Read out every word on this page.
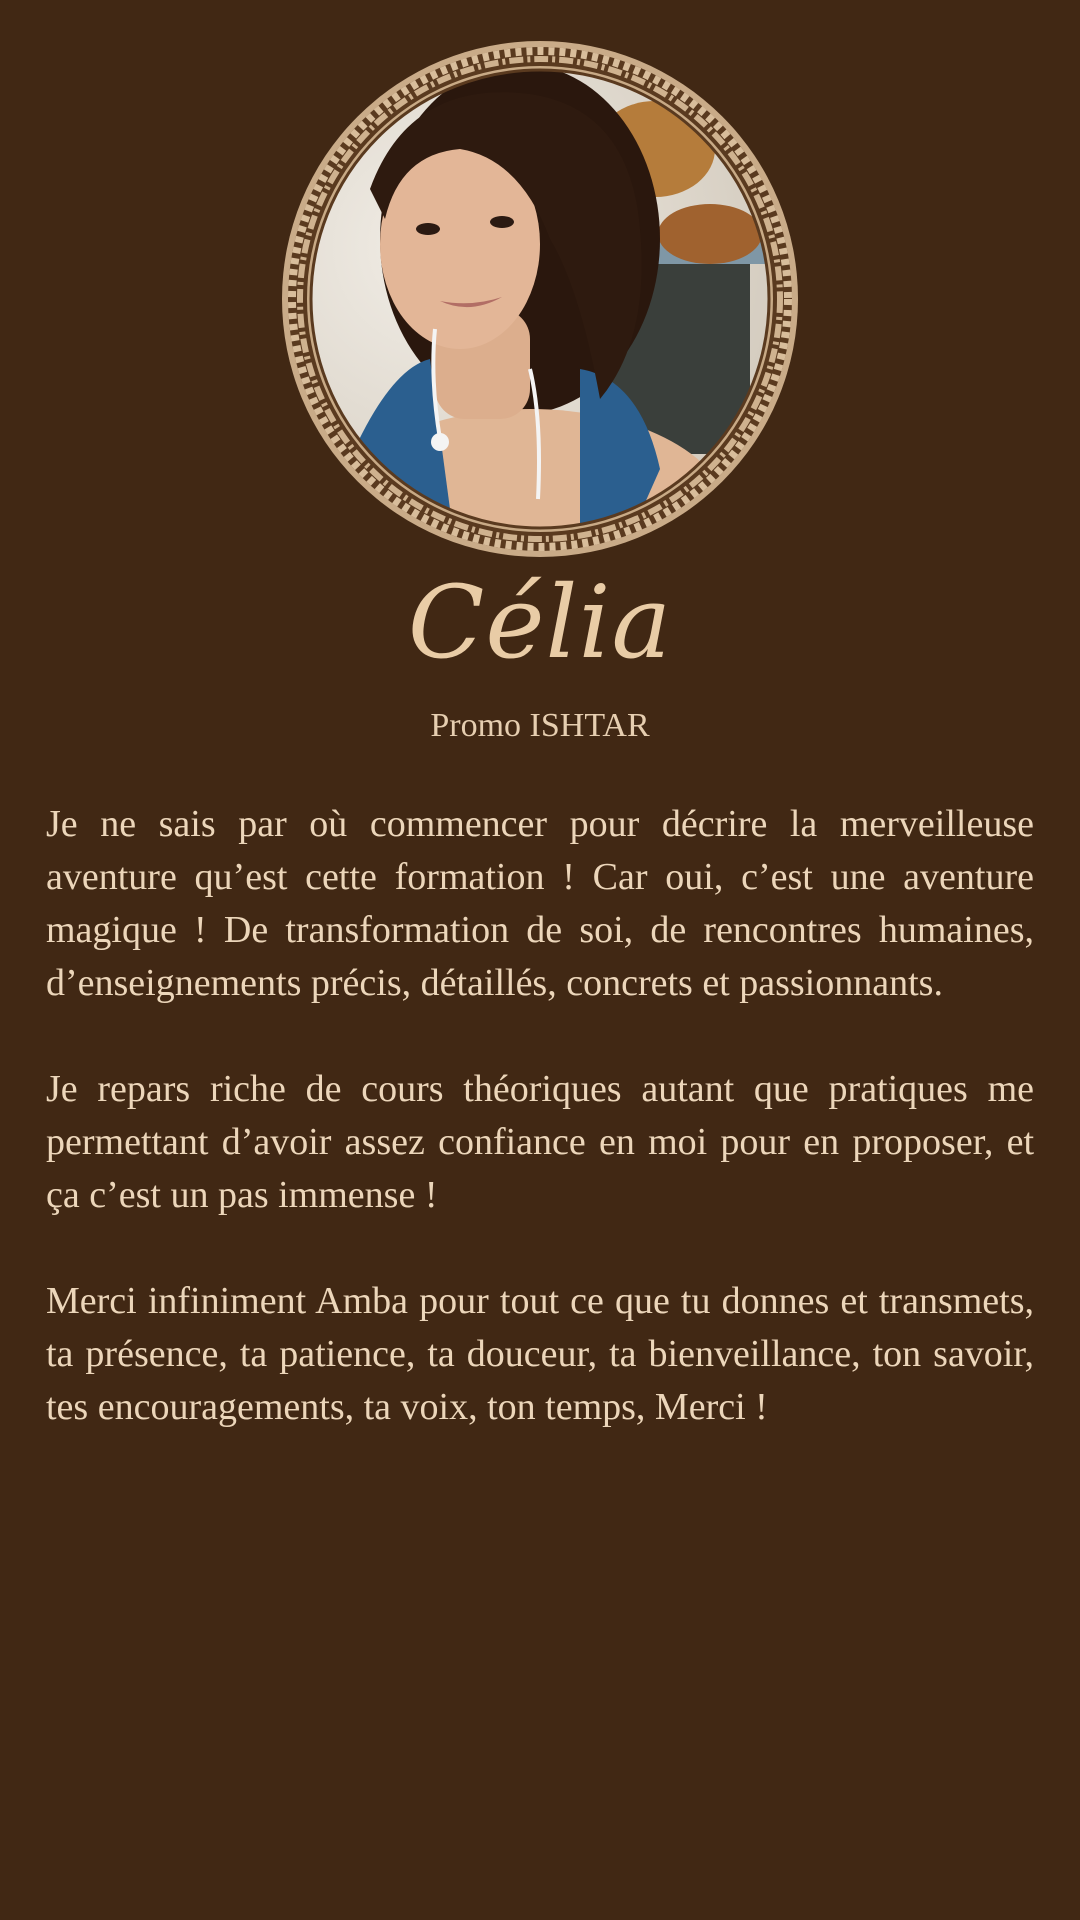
Célia
Promo ISHTAR

Je ne sais par où commencer pour décrire la merveilleuse aventure qu’est cette formation ! Car oui, c’est une aventure magique ! De transformation de soi, de rencontres humaines, d’enseignements précis, détaillés, concrets et passionnants.

Je repars riche de cours théoriques autant que pratiques me permettant d’avoir assez confiance en moi pour en proposer, et ça c’est un pas immense !

Merci infiniment Amba pour tout ce que tu donnes et transmets, ta présence, ta patience, ta douceur, ta bienveillance, ton savoir, tes encouragements, ta voix, ton temps, Merci !
